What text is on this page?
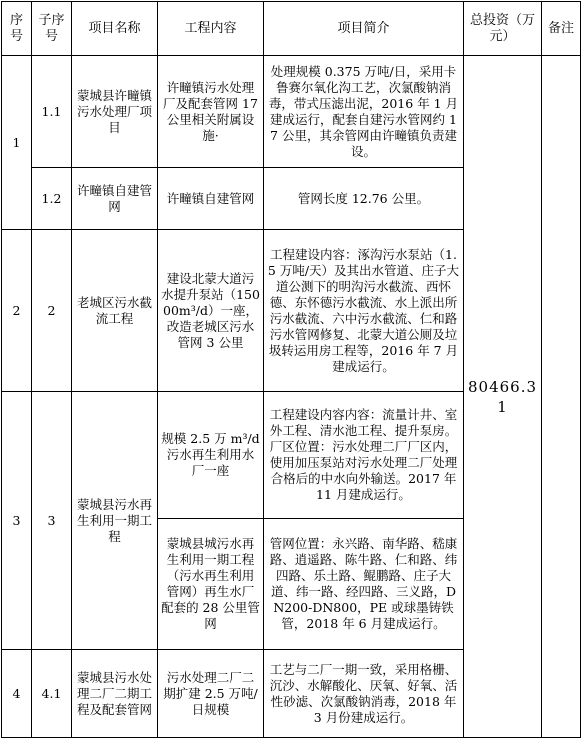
序号	子序号	项目名称	工程内容	项目简介	总投资（万元）	备注
1	1.1	蒙城县许疃镇污水处理厂项目	许疃镇污水处理厂及配套管网 17 公里相关附属设施·	处理规模 0.375 万吨/日，采用卡鲁赛尔氧化沟工艺，次氯酸钠消毒，带式压滤出泥，2016 年 1 月建成运行，配套自建污水管网约 17 公里，其余管网由许疃镇负责建设。	80466.31	
	1.2	许疃镇自建管网	许疃镇自建管网	管网长度 12.76 公里。		
2	2	老城区污水截流工程	建设北蒙大道污水提升泵站（15000m³/d）一座，改造老城区污水管网 3 公里	工程建设内容：涿沟污水泵站（1.5 万吨/天）及其出水管道、庄子大道公测下的明沟污水截流、西怀德、东怀德污水截流、水上派出所污水截流、六中污水截流、仁和路污水管网修复、北蒙大道公厕及垃圾转运用房工程等，2016 年 7 月建成运行。		
3	3	蒙城县污水再生利用一期工程	规模 2.5 万 m³/d 污水再生利用水厂一座	工程建设内容内容：流量计井、室外工程、清水池工程、提升泵房。厂区位置：污水处理二厂厂区内，使用加压泵站对污水处理二厂处理合格后的中水向外输送。2017 年 11 月建成运行。		
			蒙城县城污水再生利用一期工程（污水再生利用管网）再生水厂配套的 28 公里管网	管网位置：永兴路、南华路、嵇康路、逍遥路、陈牛路、仁和路、纬四路、乐土路、鲲鹏路、庄子大道、纬一路、经四路、三义路，DN200-DN800，PE 或球墨铸铁管，2018 年 6 月建成运行。		
4	4.1	蒙城县污水处理二厂二期工程及配套管网	污水处理二厂二期扩建 2.5 万吨/日规模	工艺与二厂一期一致，采用格栅、沉沙、水解酸化、厌氧、好氧、活性砂滤、次氯酸钠消毒，2018 年 3 月份建成运行。		
